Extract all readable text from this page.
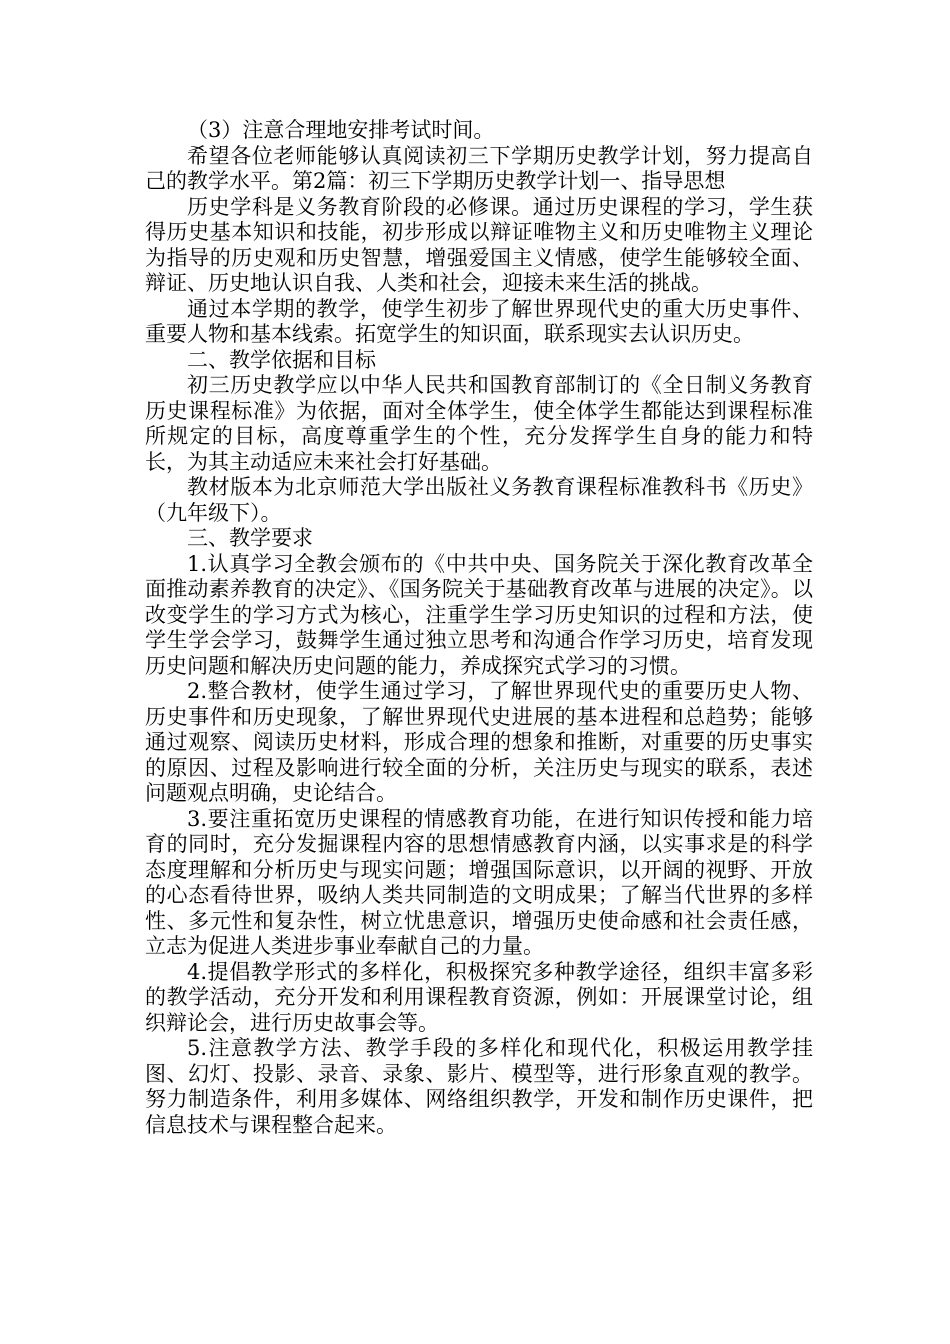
（3）注意合理地安排考试时间。

希望各位老师能够认真阅读初三下学期历史教学计划，努力提高自己的教学水平。第2篇：初三下学期历史教学计划一、指导思想

历史学科是义务教育阶段的必修课。通过历史课程的学习，学生获得历史基本知识和技能，初步形成以辩证唯物主义和历史唯物主义理论为指导的历史观和历史智慧，增强爱国主义情感，使学生能够较全面、辩证、历史地认识自我、人类和社会，迎接未来生活的挑战。

通过本学期的教学，使学生初步了解世界现代史的重大历史事件、重要人物和基本线索。拓宽学生的知识面，联系现实去认识历史。

二、教学依据和目标

初三历史教学应以中华人民共和国教育部制订的《全日制义务教育历史课程标准》为依据，面对全体学生，使全体学生都能达到课程标准所规定的目标，高度尊重学生的个性，充分发挥学生自身的能力和特长，为其主动适应未来社会打好基础。

教材版本为北京师范大学出版社义务教育课程标准教科书《历史》（九年级下）。

三、教学要求

1.认真学习全教会颁布的《中共中央、国务院关于深化教育改革全面推动素养教育的决定》、《国务院关于基础教育改革与进展的决定》。以改变学生的学习方式为核心，注重学生学习历史知识的过程和方法，使学生学会学习，鼓舞学生通过独立思考和沟通合作学习历史，培育发现历史问题和解决历史问题的能力，养成探究式学习的习惯。

2.整合教材，使学生通过学习，了解世界现代史的重要历史人物、历史事件和历史现象，了解世界现代史进展的基本进程和总趋势；能够通过观察、阅读历史材料，形成合理的想象和推断，对重要的历史事实的原因、过程及影响进行较全面的分析，关注历史与现实的联系，表述问题观点明确，史论结合。

3.要注重拓宽历史课程的情感教育功能，在进行知识传授和能力培育的同时，充分发掘课程内容的思想情感教育内涵，以实事求是的科学态度理解和分析历史与现实问题；增强国际意识，以开阔的视野、开放的心态看待世界，吸纳人类共同制造的文明成果；了解当代世界的多样性、多元性和复杂性，树立忧患意识，增强历史使命感和社会责任感，立志为促进人类进步事业奉献自己的力量。

4.提倡教学形式的多样化，积极探究多种教学途径，组织丰富多彩的教学活动，充分开发和利用课程教育资源，例如：开展课堂讨论，组织辩论会，进行历史故事会等。

5.注意教学方法、教学手段的多样化和现代化，积极运用教学挂图、幻灯、投影、录音、录象、影片、模型等，进行形象直观的教学。努力制造条件，利用多媒体、网络组织教学，开发和制作历史课件，把信息技术与课程整合起来。
